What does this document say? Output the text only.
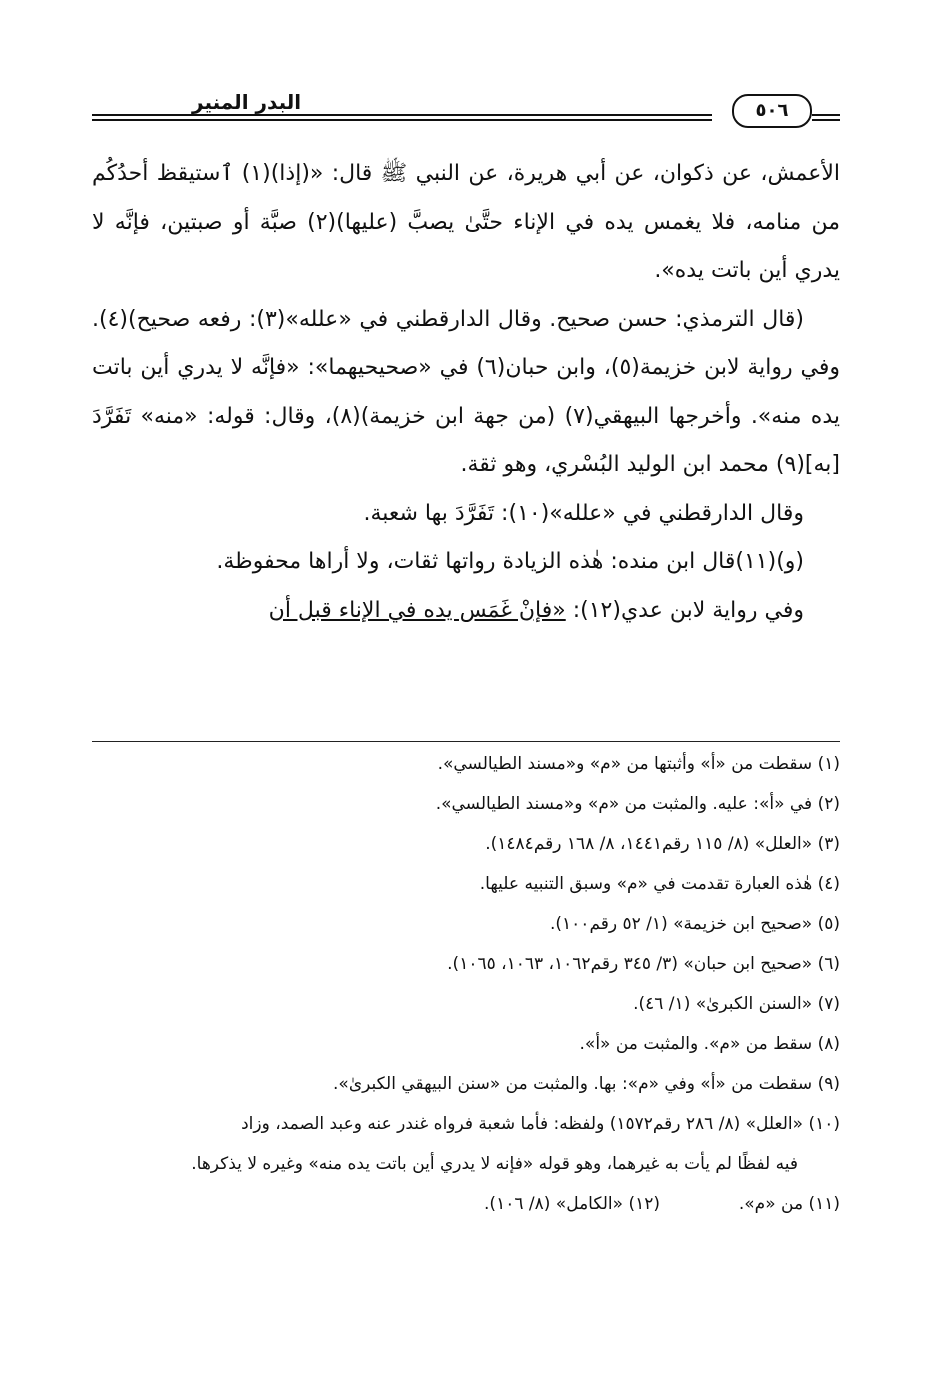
البدر المنير	٥٠٦

الأعمش، عن ذكوان، عن أبي هريرة، عن النبي ﷺ قال: «(إذا)(١) ٱستيقظ أحدُكُم من منامه، فلا يغمس يده في الإناء حتَّىٰ يصبَّ (عليها)(٢) صبَّة أو صبتين، فإنَّه لا يدري أين باتت يده».

(قال الترمذي: حسن صحيح. وقال الدارقطني في «علله»(٣): رفعه صحيح)(٤). وفي رواية لابن خزيمة(٥)، وابن حبان(٦) في «صحيحيهما»: «فإنَّه لا يدري أين باتت يده منه». وأخرجها البيهقي(٧) (من جهة ابن خزيمة)(٨)، وقال: قوله: «منه» تَفَرَّدَ [به](٩) محمد ابن الوليد البُسْري، وهو ثقة.

وقال الدارقطني في «علله»(١٠): تَفَرَّدَ بها شعبة.

(و)(١١)قال ابن منده: هٰذه الزيادة رواتها ثقات، ولا أراها محفوظة.

وفي رواية لابن عدي(١٢): «فإنْ غَمَس يده في الإناء قبل أن

(١) سقطت من «أ» وأثبتها من «م» و«مسند الطيالسي».

(٢) في «أ»: عليه. والمثبت من «م» و«مسند الطيالسي».

(٣) «العلل» (٨/ ١١٥ رقم١٤٤١، ٨/ ١٦٨ رقم١٤٨٤).

(٤) هٰذه العبارة تقدمت في «م» وسبق التنبيه عليها.

(٥) «صحيح ابن خزيمة» (١/ ٥٢ رقم١٠٠).

(٦) «صحيح ابن حبان» (٣/ ٣٤٥ رقم١٠٦٢، ١٠٦٣، ١٠٦٥).

(٧) «السنن الكبرىٰ» (١/ ٤٦).

(٨) سقط من «م». والمثبت من «أ».

(٩) سقطت من «أ» وفي «م»: بها. والمثبت من «سنن البيهقي الكبرىٰ».

(١٠) «العلل» (٨/ ٢٨٦ رقم١٥٧٢) ولفظه: فأما شعبة فرواه غندر عنه وعبد الصمد، وزاد
فيه لفظًا لم يأت به غيرهما، وهو قوله «فإنه لا يدري أين باتت يده منه» وغيره لا يذكرها.

(١١) من «م».
(١٢) «الكامل» (٨/ ١٠٦).
